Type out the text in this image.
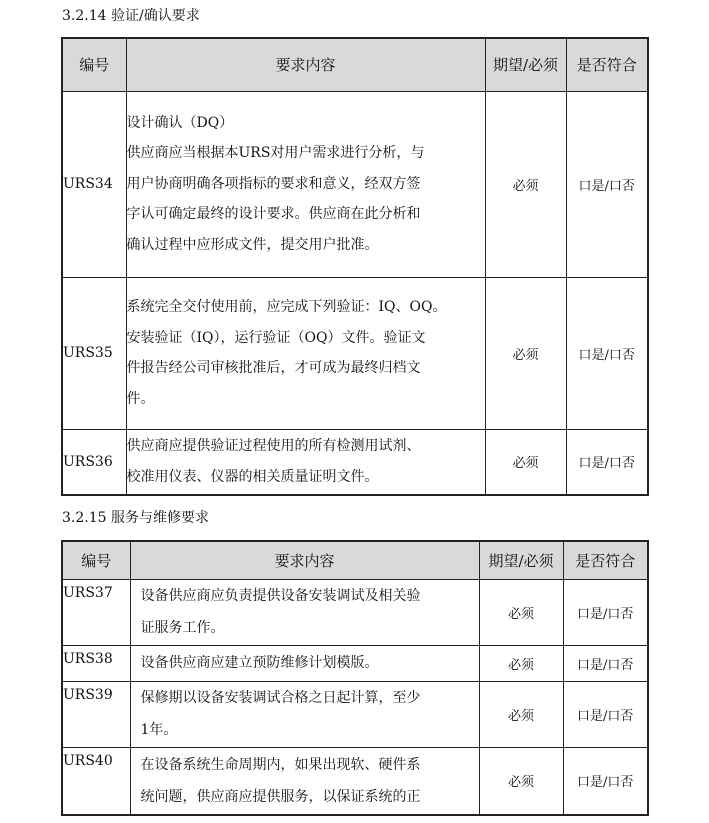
3.2.14 验证/确认要求
编号	要求内容	期望/必须	是否符合
URS34	设计确认（DQ）
供应商应当根据本URS对用户需求进行分析，与
用户协商明确各项指标的要求和意义，经双方签
字认可确定最终的设计要求。供应商在此分析和
确认过程中应形成文件，提交用户批准。	必须	口是/口否
URS35	系统完全交付使用前，应完成下列验证：IQ、OQ。
安装验证（IQ），运行验证（OQ）文件。验证文
件报告经公司审核批准后，才可成为最终归档文
件。	必须	口是/口否
URS36	供应商应提供验证过程使用的所有检测用试剂、
校准用仪表、仪器的相关质量证明文件。	必须	口是/口否
3.2.15 服务与维修要求
编号	要求内容	期望/必须	是否符合
URS37	设备供应商应负责提供设备安装调试及相关验
证服务工作。	必须	口是/口否
URS38	设备供应商应建立预防维修计划模版。	必须	口是/口否
URS39	保修期以设备安装调试合格之日起计算，至少
1年。	必须	口是/口否
URS40	在设备系统生命周期内，如果出现软、硬件系
统问题，供应商应提供服务，以保证系统的正	必须	口是/口否
